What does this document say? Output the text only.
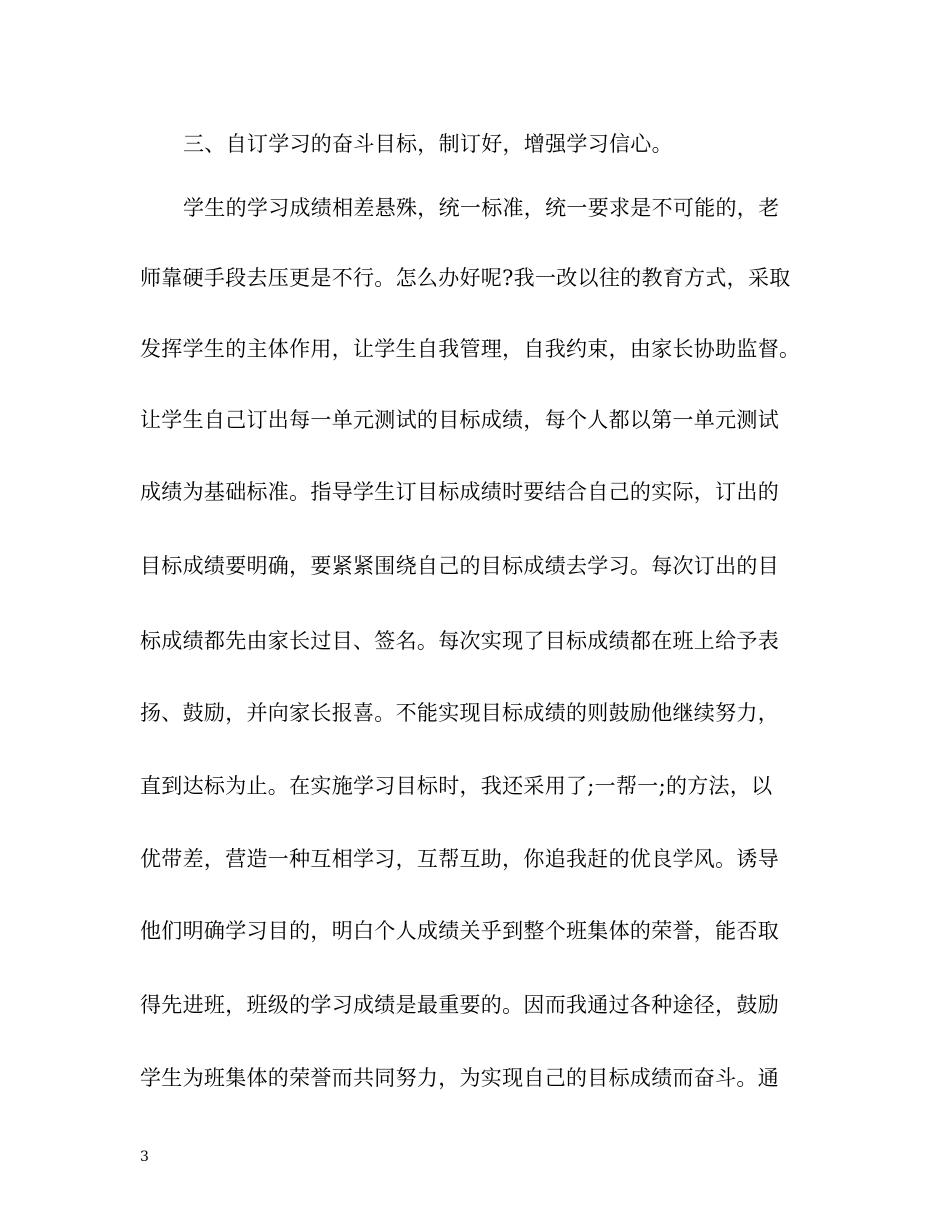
三、自订学习的奋斗目标，制订好，增强学习信心。
学生的学习成绩相差悬殊，统一标准，统一要求是不可能的，老
师靠硬手段去压更是不行。怎么办好呢?我一改以往的教育方式，采取
发挥学生的主体作用，让学生自我管理，自我约束，由家长协助监督。
让学生自己订出每一单元测试的目标成绩，每个人都以第一单元测试
成绩为基础标准。指导学生订目标成绩时要结合自己的实际，订出的
目标成绩要明确，要紧紧围绕自己的目标成绩去学习。每次订出的目
标成绩都先由家长过目、签名。每次实现了目标成绩都在班上给予表
扬、鼓励，并向家长报喜。不能实现目标成绩的则鼓励他继续努力，
直到达标为止。在实施学习目标时，我还采用了;一帮一;的方法，以
优带差，营造一种互相学习，互帮互助，你追我赶的优良学风。诱导
他们明确学习目的，明白个人成绩关乎到整个班集体的荣誉，能否取
得先进班，班级的学习成绩是最重要的。因而我通过各种途径，鼓励
学生为班集体的荣誉而共同努力，为实现自己的目标成绩而奋斗。通
3
